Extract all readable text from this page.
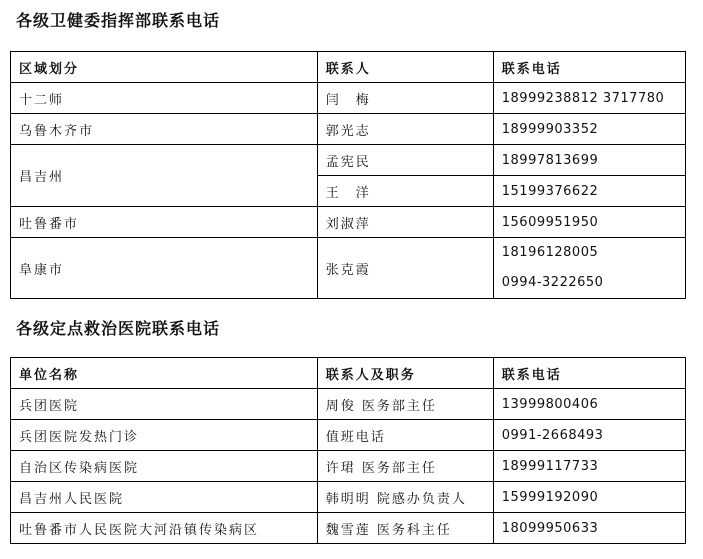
各级卫健委指挥部联系电话
区域划分	联系人	联系电话
十二师	闫　梅	18999238812 3717780
乌鲁木齐市	郭光志	18999903352
昌吉州	孟宪民	18997813699
	王　洋	15199376622
吐鲁番市	刘淑萍	15609951950
阜康市	张克霞	18196128005
0994-3222650
各级定点救治医院联系电话
单位名称	联系人及职务	联系电话
兵团医院	周俊 医务部主任	13999800406
兵团医院发热门诊	值班电话	0991-2668493
自治区传染病医院	许珺 医务部主任	18999117733
昌吉州人民医院	韩明明 院感办负责人	15999192090
吐鲁番市人民医院大河沿镇传染病区	魏雪莲 医务科主任	18099950633
